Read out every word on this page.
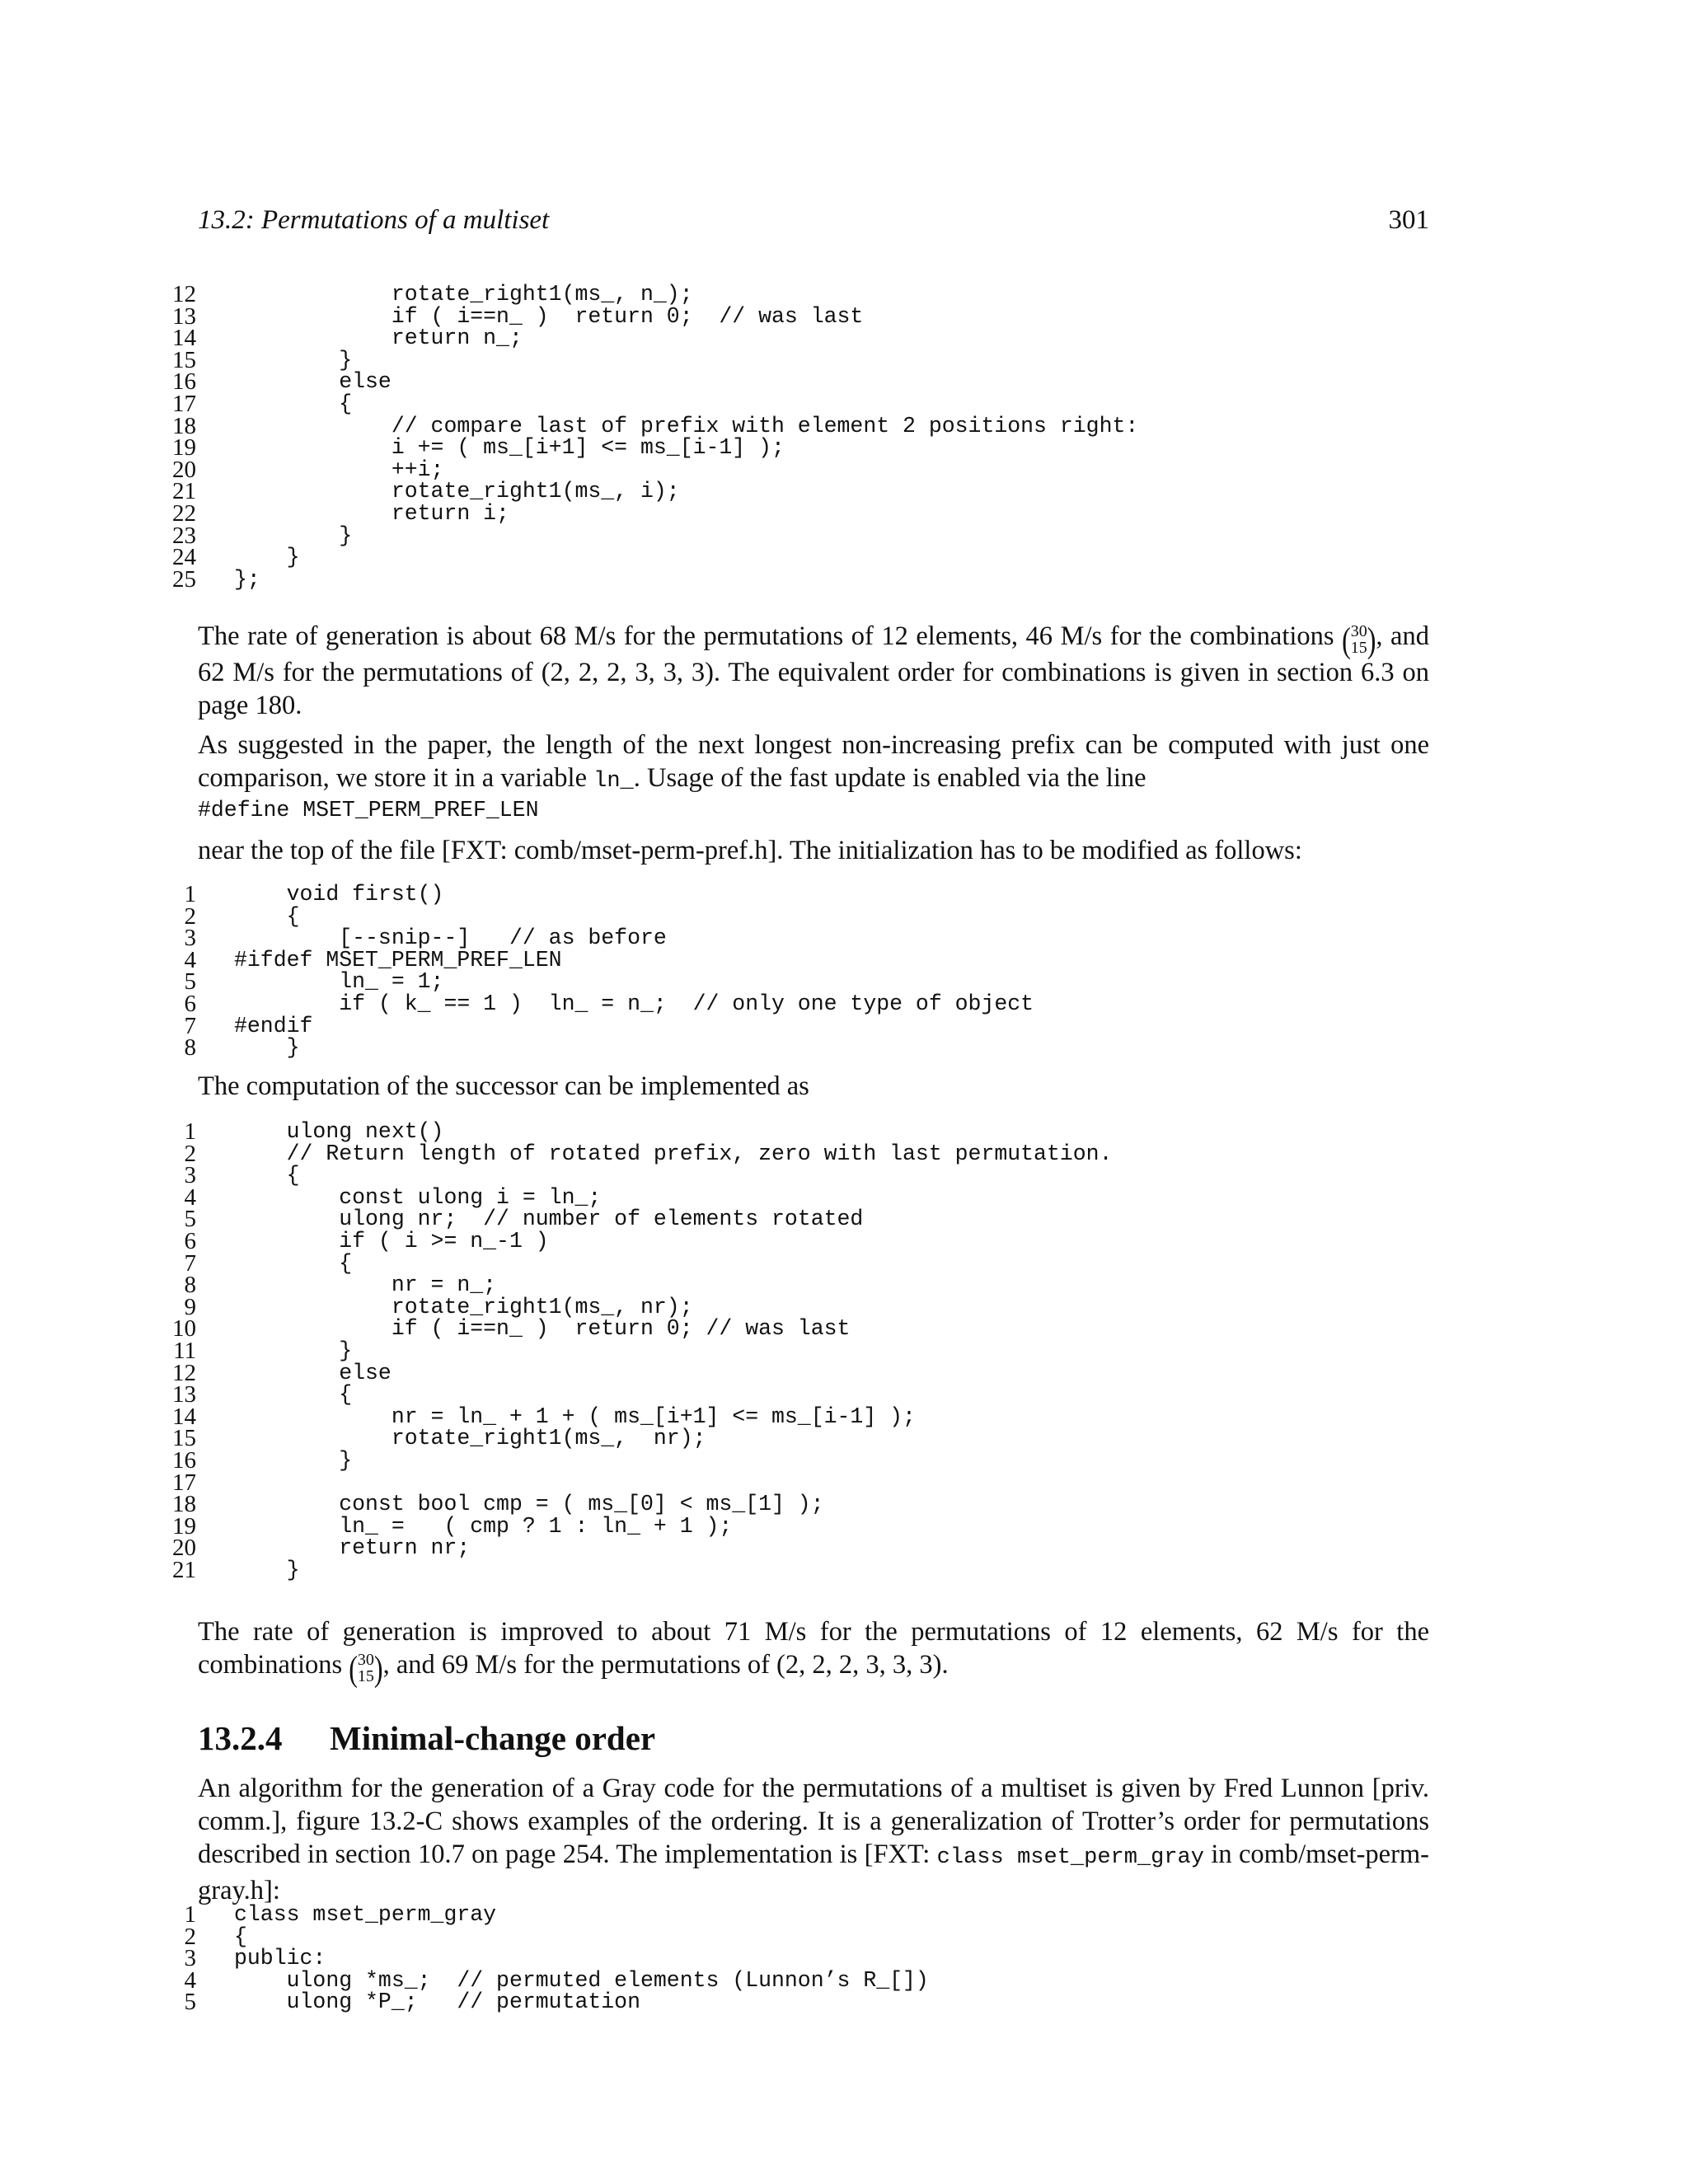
13.2: Permutations of a multiset	301
12 rotate_right1(ms_, n_);
13 if ( i==n_ )  return 0;  // was last
14 return n_;
15 }
16 else
17 {
18 // compare last of prefix with element 2 positions right:
19 i += ( ms_[i+1] <= ms_[i-1] );
20 ++i;
21 rotate_right1(ms_, i);
22 return i;
23 }
24 }
25 };
The rate of generation is about 68 M/s for the permutations of 12 elements, 46 M/s for the combinations ( 30
15 ), and 62 M/s for the permutations of (2, 2, 2, 3, 3, 3). The equivalent order for combinations is given in section 6.3 on page 180.
As suggested in the paper, the length of the next longest non-increasing prefix can be computed with just one comparison, we store it in a variable ln_. Usage of the fast update is enabled via the line
#define MSET_PERM_PREF_LEN
near the top of the file [FXT: comb/mset-perm-pref.h]. The initialization has to be modified as follows:
1 void first()
2 {
3 [--snip--]   // as before
4 #ifdef MSET_PERM_PREF_LEN
5 ln_ = 1;
6 if ( k_ == 1 )  ln_ = n_;  // only one type of object
7 #endif
8 }
The computation of the successor can be implemented as
1 ulong next()
2 // Return length of rotated prefix, zero with last permutation.
3 {
4 const ulong i = ln_;
5 ulong nr;  // number of elements rotated
6 if ( i >= n_-1 )
7 {
8 nr = n_;
9 rotate_right1(ms_, nr);
10 if ( i==n_ )  return 0; // was last
11 }
12 else
13 {
14 nr = ln_ + 1 + ( ms_[i+1] <= ms_[i-1] );
15 rotate_right1(ms_,  nr);
16 }
17
18 const bool cmp = ( ms_[0] < ms_[1] );
19 ln_ =   ( cmp ? 1 : ln_ + 1 );
20 return nr;
21 }
The rate of generation is improved to about 71 M/s for the permutations of 12 elements, 62 M/s for the combinations ( 30
15 ), and 69 M/s for the permutations of (2, 2, 2, 3, 3, 3).
13.2.4 Minimal-change order
An algorithm for the generation of a Gray code for the permutations of a multiset is given by Fred Lunnon [priv. comm.], figure 13.2-C shows examples of the ordering. It is a generalization of Trotter’s order for permutations described in section 10.7 on page 254. The implementation is [FXT: class mset_perm_gray in comb/mset-perm-gray.h]:
1 class mset_perm_gray
2 {
3 public:
4 ulong *ms_;  // permuted elements (Lunnon’s R_[])
5 ulong *P_;   // permutation
